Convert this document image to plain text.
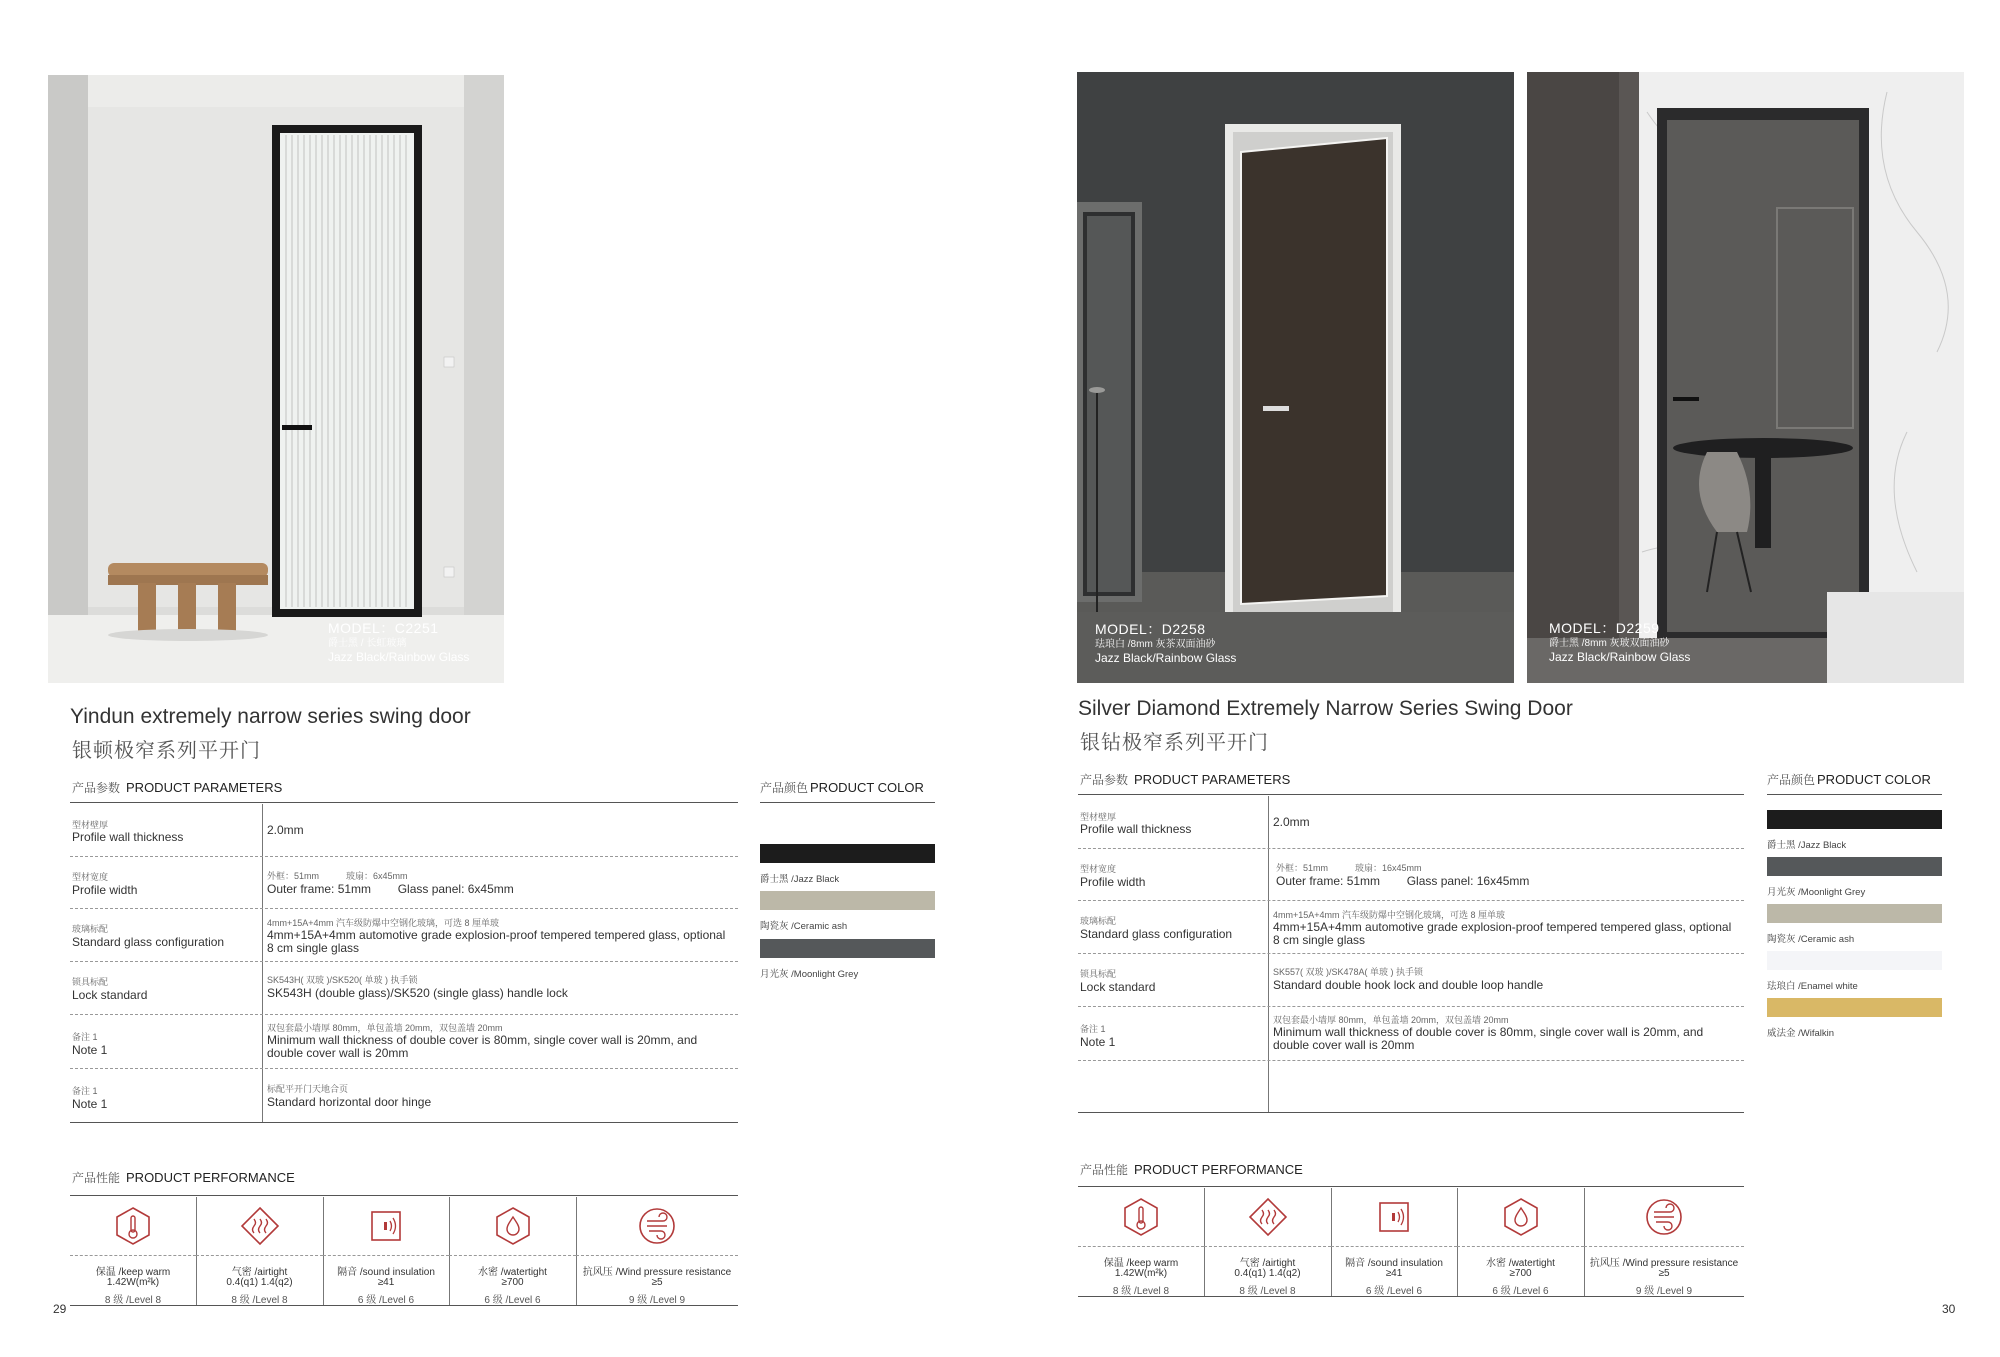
MODEL：C2251
爵士黑 / 长虹玻璃
Jazz Black/Rainbow Glass
Yindun extremely narrow series swing door
银顿极窄系列平开门
产品参数 PRODUCT PARAMETERS
型材壁厚
Profile wall thickness	2.0mm
型材宽度
Profile width
外框：51mm　　　玻扇：6x45mm
Outer frame: 51mm        Glass panel: 6x45mm
玻璃标配
Standard glass configuration
4mm+15A+4mm 汽车级防爆中空钢化玻璃，可选 8 厘单玻
4mm+15A+4mm automotive grade explosion-proof tempered tempered glass, optional 8 cm single glass
锁具标配
Lock standard
SK543H( 双玻 )/SK520( 单玻 ) 执手锁
SK543H (double glass)/SK520 (single glass) handle lock
备注 1
Note 1
双包套最小墙厚 80mm，单包盖墙 20mm，双包盖墙 20mm
Minimum wall thickness of double cover is 80mm, single cover wall is 20mm, and double cover wall is 20mm
备注 1
Note 1
标配平开门天地合页
Standard horizontal door hinge
产品颜色 PRODUCT COLOR
爵士黑 /Jazz Black
陶瓷灰 /Ceramic ash
月光灰 /Moonlight Grey
产品性能 PRODUCT PERFORMANCE
保温 /keep warm
1.42W(m²k)
8 级 /Level 8
气密 /airtight
0.4(q1) 1.4(q2)
8 级 /Level 8
隔音 /sound insulation
≥41
6 级 /Level 6
水密 /watertight
≥700
6 级 /Level 6
抗风压 /Wind pressure resistance
≥5
9 级 /Level 9
29
MODEL：D2258
珐琅白 /8mm 灰茶双面油砂
Jazz Black/Rainbow Glass
MODEL：D2259
爵士黑 /8mm 灰玻双面油砂
Jazz Black/Rainbow Glass
Silver Diamond Extremely Narrow Series Swing Door
银钻极窄系列平开门
产品参数 PRODUCT PARAMETERS
型材壁厚
Profile wall thickness	2.0mm
型材宽度
Profile width
外框：51mm　　　玻扇：16x45mm
Outer frame: 51mm        Glass panel: 16x45mm
玻璃标配
Standard glass configuration
4mm+15A+4mm 汽车级防爆中空钢化玻璃，可选 8 厘单玻
4mm+15A+4mm automotive grade explosion-proof tempered tempered glass, optional 8 cm single glass
锁具标配
Lock standard
SK557( 双玻 )/SK478A( 单玻 ) 执手锁
Standard double hook lock and double loop handle
备注 1
Note 1
双包套最小墙厚 80mm，单包盖墙 20mm，双包盖墙 20mm
Minimum wall thickness of double cover is 80mm, single cover wall is 20mm, and double cover wall is 20mm
产品颜色 PRODUCT COLOR
爵士黑 /Jazz Black
月光灰 /Moonlight Grey
陶瓷灰 /Ceramic ash
珐琅白 /Enamel white
威法金 /Wifalkin
产品性能 PRODUCT PERFORMANCE
保温 /keep warm
1.42W(m²k)
8 级 /Level 8
气密 /airtight
0.4(q1) 1.4(q2)
8 级 /Level 8
隔音 /sound insulation
≥41
6 级 /Level 6
水密 /watertight
≥700
6 级 /Level 6
抗风压 /Wind pressure resistance
≥5
9 级 /Level 9
30
